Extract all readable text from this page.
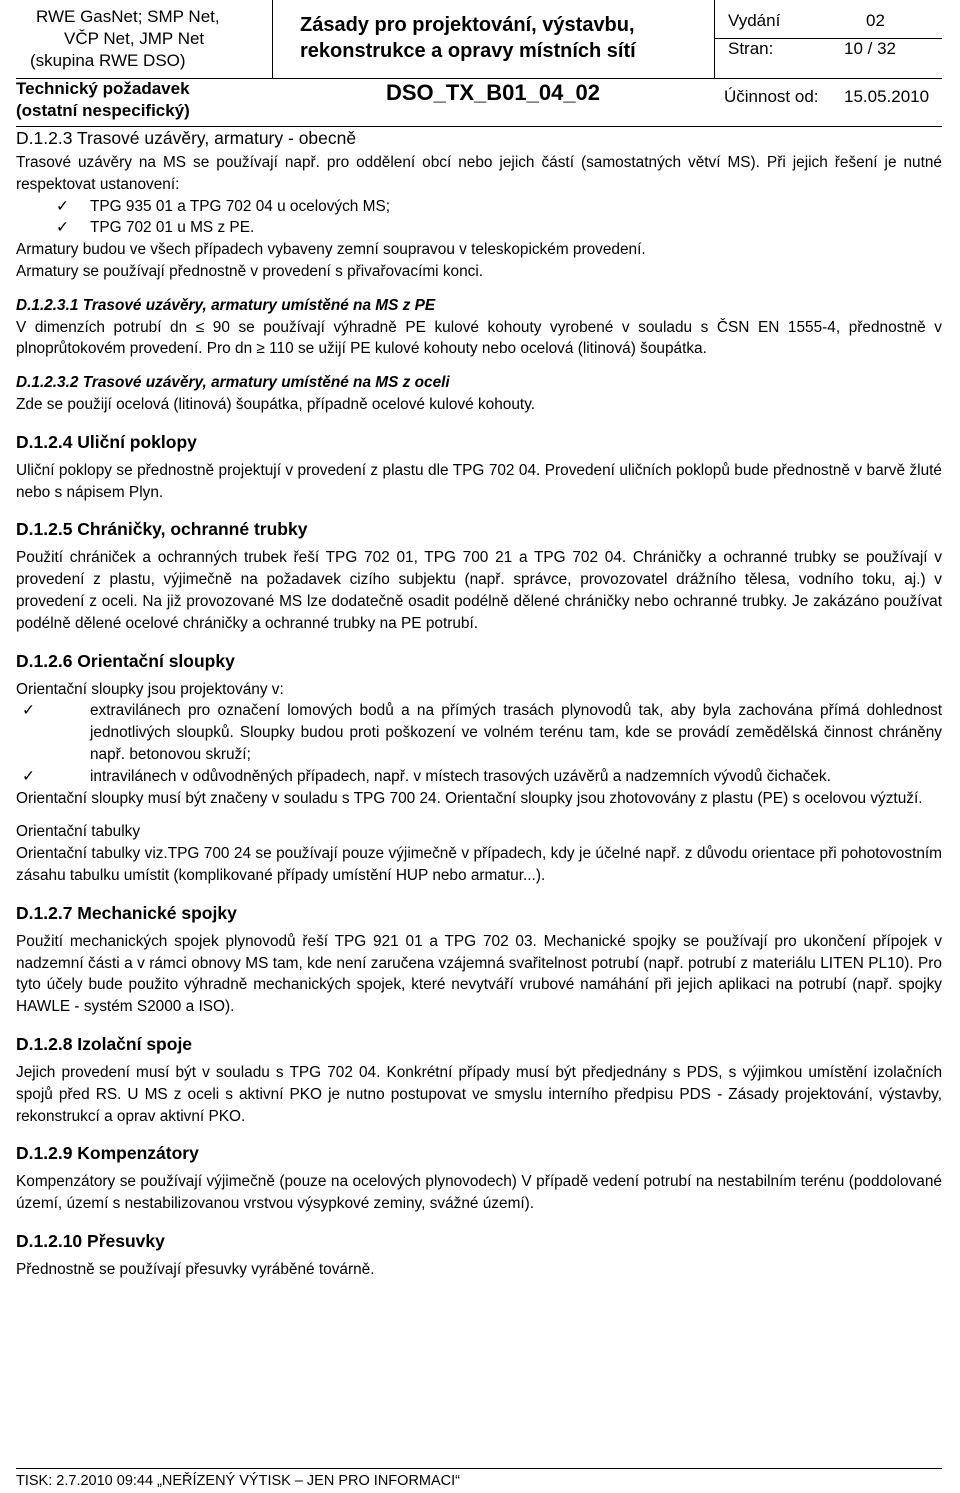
RWE GasNet; SMP Net,
VČP Net, JMP Net
(skupina RWE DSO)
Technický požadavek
(ostatní nespecifický)
Zásady pro projektování, výstavbu,
rekonstrukce a opravy místních sítí
DSO_TX_B01_04_02
Vydání	02
Stran:	10 / 32
Účinnost od: 15.05.2010

D.1.2.3 Trasové uzávěry, armatury - obecně

Trasové uzávěry na MS se používají např. pro oddělení obcí nebo jejich částí (samostatných větví MS). Při jejich řešení je nutné respektovat ustanovení:

✓	TPG 935 01 a TPG 702 04 u ocelových MS;

✓	TPG 702 01 u MS z PE.

Armatury budou ve všech případech vybaveny zemní soupravou v teleskopickém provedení.

Armatury se používají přednostně v provedení s přivařovacími konci.

D.1.2.3.1 Trasové uzávěry, armatury umístěné na MS z PE

V dimenzích potrubí dn ≤ 90 se používají výhradně PE kulové kohouty vyrobené v souladu s ČSN EN 1555-4, přednostně v plnoprůtokovém provedení. Pro dn ≥ 110 se užijí PE kulové kohouty nebo ocelová (litinová) šoupátka.

D.1.2.3.2 Trasové uzávěry, armatury umístěné na MS z oceli

Zde se použijí ocelová (litinová) šoupátka, případně ocelové kulové kohouty.

D.1.2.4 Uliční poklopy

Uliční poklopy se přednostně projektují v provedení z plastu dle TPG 702 04. Provedení uličních poklopů bude přednostně v barvě žluté nebo s nápisem Plyn.

D.1.2.5 Chráničky, ochranné trubky

Použití chrániček a ochranných trubek řeší TPG 702 01, TPG 700 21 a TPG 702 04. Chráničky a ochranné trubky se používají v provedení z plastu, výjimečně na požadavek cizího subjektu (např. správce, provozovatel drážního tělesa, vodního toku, aj.) v provedení z oceli. Na již provozované MS lze dodatečně osadit podélně dělené chráničky nebo ochranné trubky. Je zakázáno používat podélně dělené ocelové chráničky a ochranné trubky na PE potrubí.

D.1.2.6 Orientační sloupky

Orientační sloupky jsou projektovány v:

✓	extravilánech pro označení lomových bodů a na přímých trasách plynovodů tak, aby byla zachována přímá dohlednost jednotlivých sloupků. Sloupky budou proti poškození ve volném terénu tam, kde se provádí zemědělská činnost chráněny např. betonovou skruží;

✓	intravilánech v odůvodněných případech, např. v místech trasových uzávěrů a nadzemních vývodů čichaček.

Orientační sloupky musí být značeny v souladu s TPG 700 24. Orientační sloupky jsou zhotovovány z plastu (PE) s ocelovou výztuží.

Orientační tabulky

Orientační tabulky viz.TPG 700 24 se používají pouze výjimečně v případech, kdy je účelné např. z důvodu orientace při pohotovostním zásahu tabulku umístit (komplikované případy umístění HUP nebo armatur...).

D.1.2.7 Mechanické spojky

Použití mechanických spojek plynovodů řeší TPG 921 01 a TPG 702 03. Mechanické spojky se používají pro ukončení přípojek v nadzemní části a v rámci obnovy MS tam, kde není zaručena vzájemná svařitelnost potrubí (např. potrubí z materiálu LITEN PL10). Pro tyto účely bude použito výhradně mechanických spojek, které nevytváří vrubové namáhání při jejich aplikaci na potrubí (např. spojky HAWLE - systém S2000 a ISO).

D.1.2.8 Izolační spoje

Jejich provedení musí být v souladu s TPG 702 04. Konkrétní případy musí být předjednány s PDS, s výjimkou umístění izolačních spojů před RS. U MS z oceli s aktivní PKO je nutno postupovat ve smyslu interního předpisu PDS - Zásady projektování, výstavby, rekonstrukcí a oprav aktivní PKO.

D.1.2.9 Kompenzátory

Kompenzátory se používají výjimečně (pouze na ocelových plynovodech) V případě vedení potrubí na nestabilním terénu (poddolované území, území s nestabilizovanou vrstvou výsypkové zeminy, svážné území).

D.1.2.10 Přesuvky

Přednostně se používají přesuvky vyráběné továrně.

TISK: 2.7.2010 09:44 „NEŘÍZENÝ VÝTISK – JEN PRO INFORMACI“
